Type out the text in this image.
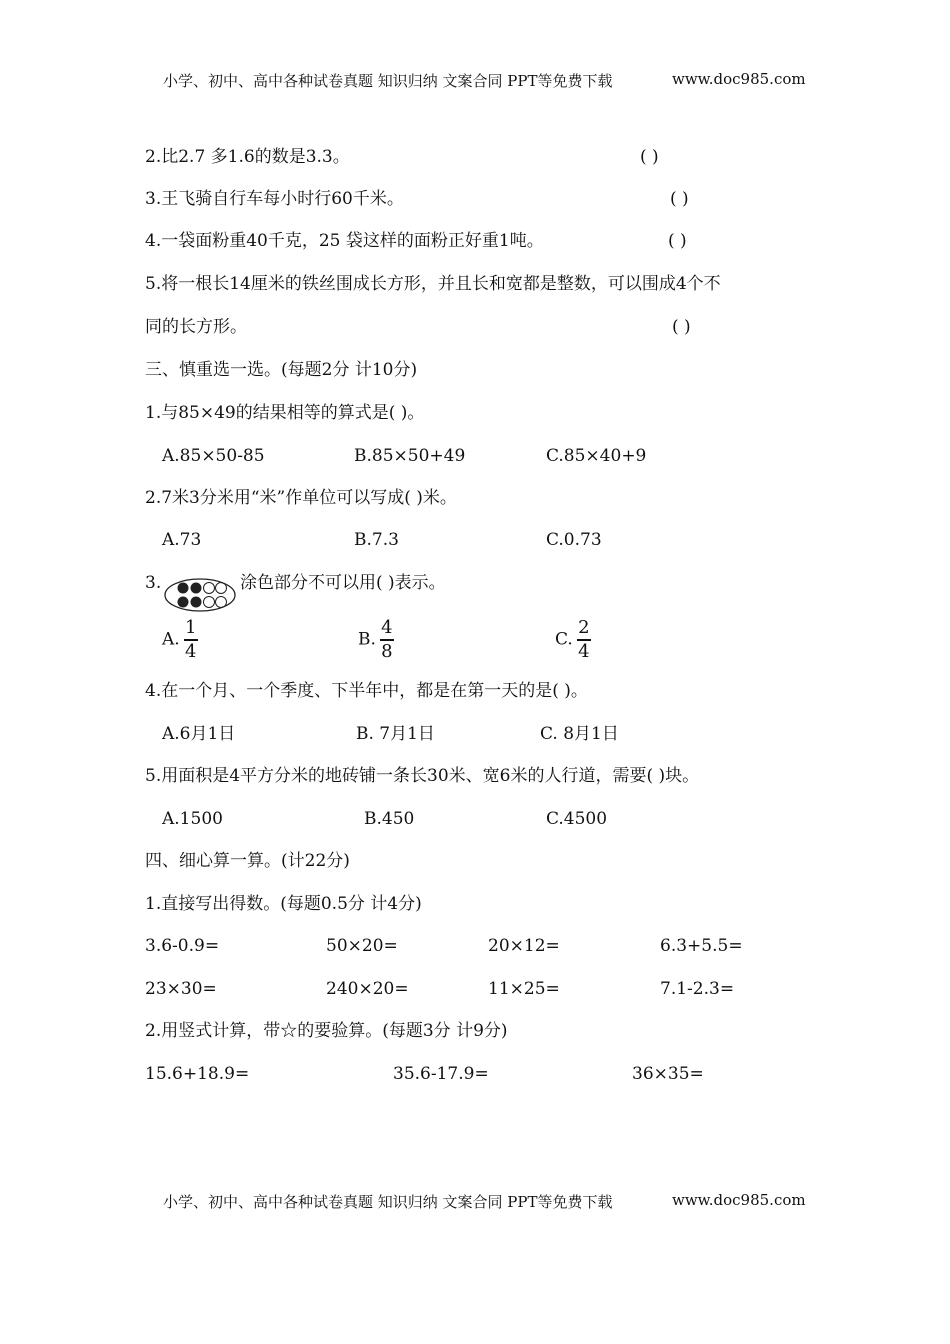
小学、初中、高中各种试卷真题 知识归纳 文案合同 PPT等免费下载	www.doc985.com
2.比2.7 多1.6的数是3.3。	( )
3.王飞骑自行车每小时行60千米。	( )
4.一袋面粉重40千克，25 袋这样的面粉正好重1吨。	( )
5.将一根长14厘米的铁丝围成长方形，并且长和宽都是整数，可以围成4个不
同的长方形。	( )
三、慎重选一选。(每题2分 计10分)
1.与85×49的结果相等的算式是( )。
A.85×50-85	B.85×50+49	C.85×40+9
2.7米3分米用“米”作单位可以写成( )米。
A.73	B.7.3	C.0.73
3.	涂色部分不可以用( )表示。
A. $\frac{1}{4}$	B. $\frac{4}{8}$	C. $\frac{2}{4}$
4.在一个月、一个季度、下半年中，都是在第一天的是( )。
A.6月1日	B. 7月1日	C. 8月1日
5.用面积是4平方分米的地砖铺一条长30米、宽6米的人行道，需要( )块。
A.1500	B.450	C.4500
四、细心算一算。(计22分)
1.直接写出得数。(每题0.5分 计4分)
3.6-0.9=	50×20=	20×12=	6.3+5.5=
23×30=	240×20=	11×25=	7.1-2.3=
2.用竖式计算，带☆的要验算。(每题3分 计9分)
15.6+18.9=	35.6-17.9=	36×35=
小学、初中、高中各种试卷真题 知识归纳 文案合同 PPT等免费下载	www.doc985.com
